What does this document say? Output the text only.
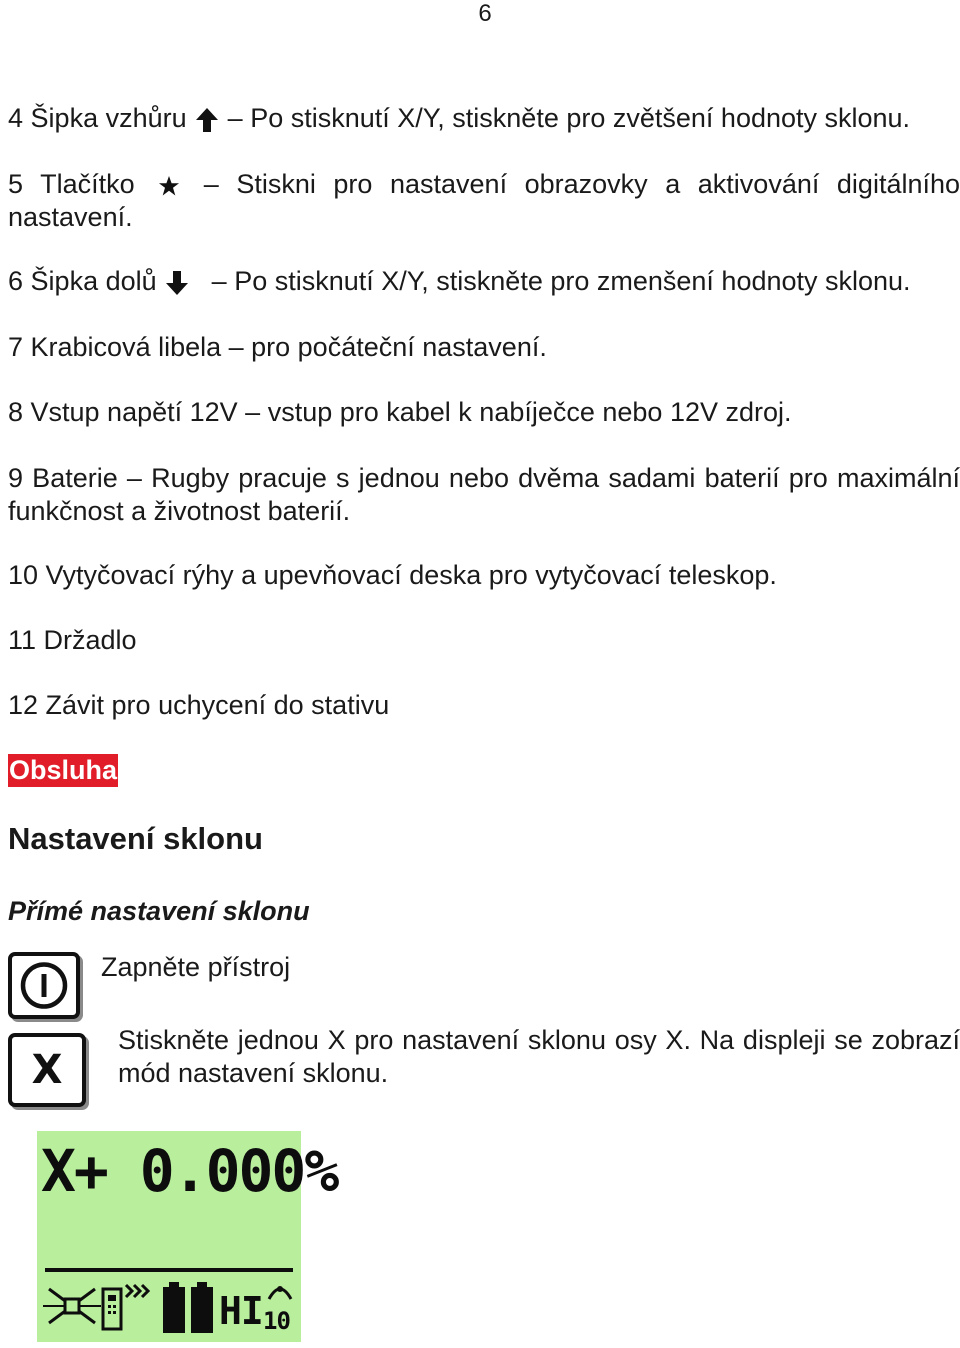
6
4 Šipka vzhůru – Po stisknutí X/Y, stiskněte pro zvětšení hodnoty sklonu.
5 Tlačítko	– Stiskni pro nastavení obrazovky a aktivování digitálního nastavení.
6 Šipka dolů – Po stisknutí X/Y, stiskněte pro zmenšení hodnoty sklonu.
7 Krabicová libela – pro počáteční nastavení.
8 Vstup napětí 12V – vstup pro kabel k nabíječce nebo 12V zdroj.
9 Baterie – Rugby pracuje s jednou nebo dvěma sadami baterií pro maximální funkčnost a životnost baterií.
10 Vytyčovací rýhy a upevňovací deska pro vytyčovací teleskop.
11 Držadlo
12 Závit pro uchycení do stativu
Obsluha
Nastavení sklonu
Přímé nastavení sklonu
Zapněte přístroj
X
Stiskněte jednou X pro nastavení sklonu osy X. Na displeji se zobrazí mód nastavení sklonu.
X+ 0.000%
HI 10
